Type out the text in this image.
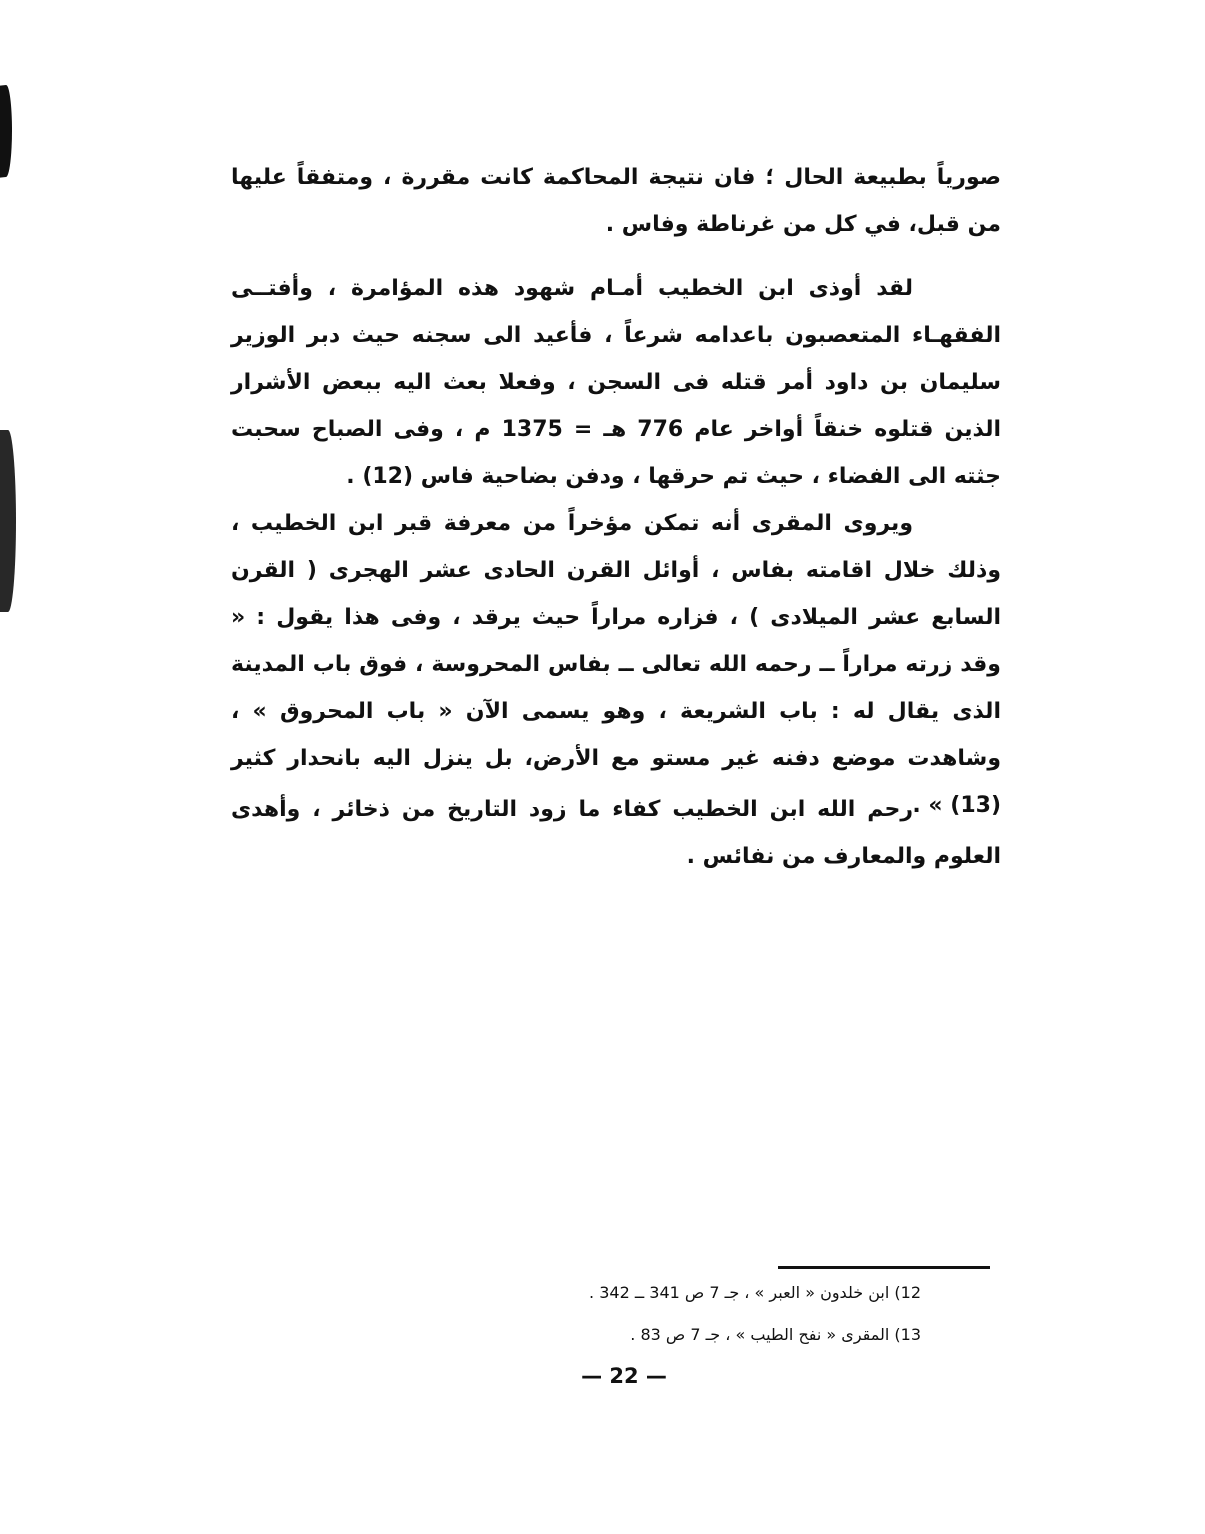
صورياً بطبيعة الحال ؛ فان نتيجة المحاكمة كانت مقررة ، ومتفقاً عليها من قبل، في كل من غرناطة وفاس .

لقد أوذى ابن الخطيب أمـام شهود هذه المؤامرة ، وأفتــى الفقهـاء المتعصبون باعدامه شرعاً ، فأعيد الى سجنه حيث دبر الوزير سليمان بن داود أمر قتله فى السجن ، وفعلا بعث اليه ببعض الأشرار الذين قتلوه خنقاً أواخر عام 776 هـ = 1375 م ، وفى الصباح سحبت جثته الى الفضاء ، حيث تم حرقها ، ودفن بضاحية فاس (12) .

ويروى المقرى أنه تمكن مؤخراً من معرفة قبر ابن الخطيب ، وذلك خلال اقامته بفاس ، أوائل القرن الحادى عشر الهجرى ( القرن السابع عشر الميلادى ) ، فزاره مراراً حيث يرقد ، وفى هذا يقول : « وقد زرته مراراً ــ رحمه الله تعالى ــ بفاس المحروسة ، فوق باب المدينة الذى يقال له : باب الشريعة ، وهو يسمى الآن « باب المحروق » ، وشاهدت موضع دفنه غير مستو مع الأرض، بل ينزل اليه بانحدار كثير (13) » .

رحم الله ابن الخطيب كفاء ما زود التاريخ من ذخائر ، وأهدى العلوم والمعارف من نفائس .

12) ابن خلدون « العبر » ، جـ 7 ص 341 ــ 342 .
13) المقرى « نفح الطيب » ، جـ 7 ص 83 .
— 22 —
